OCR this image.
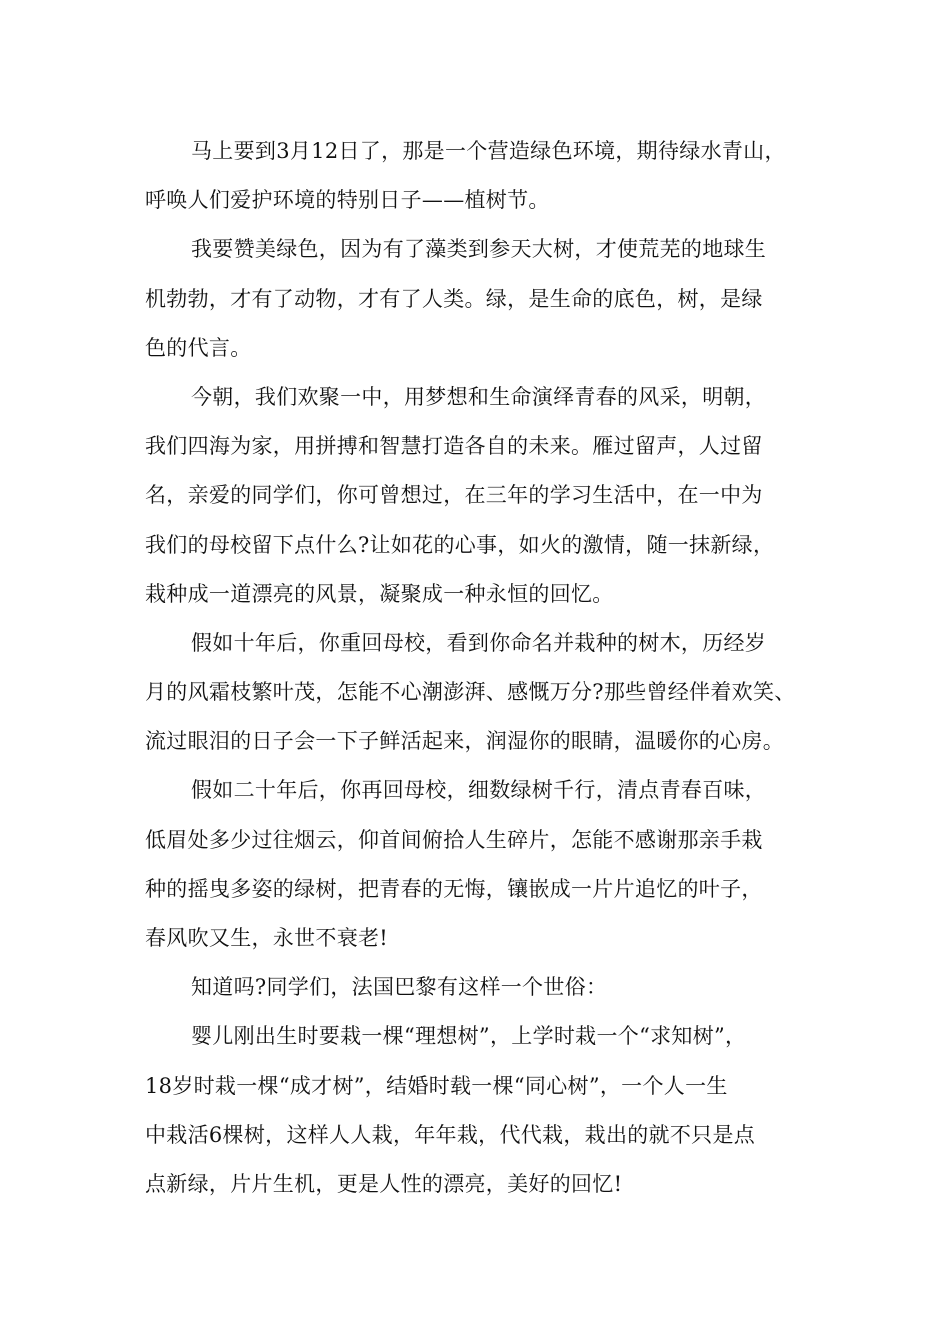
马上要到3月12日了，那是一个营造绿色环境，期待绿水青山，
呼唤人们爱护环境的特别日子——植树节。
我要赞美绿色，因为有了藻类到参天大树，才使荒芜的地球生
机勃勃，才有了动物，才有了人类。绿，是生命的底色，树，是绿
色的代言。
今朝，我们欢聚一中，用梦想和生命演绎青春的风采，明朝，
我们四海为家，用拼搏和智慧打造各自的未来。雁过留声，人过留
名，亲爱的同学们，你可曾想过，在三年的学习生活中，在一中为
我们的母校留下点什么?让如花的心事，如火的激情，随一抹新绿，
栽种成一道漂亮的风景，凝聚成一种永恒的回忆。
假如十年后，你重回母校，看到你命名并栽种的树木，历经岁
月的风霜枝繁叶茂，怎能不心潮澎湃、感慨万分?那些曾经伴着欢笑、
流过眼泪的日子会一下子鲜活起来，润湿你的眼睛，温暖你的心房。
假如二十年后，你再回母校，细数绿树千行，清点青春百味，
低眉处多少过往烟云，仰首间俯拾人生碎片，怎能不感谢那亲手栽
种的摇曳多姿的绿树，把青春的无悔，镶嵌成一片片追忆的叶子，
春风吹又生，永世不衰老!
知道吗?同学们，法国巴黎有这样一个世俗：
婴儿刚出生时要栽一棵“理想树”，上学时栽一个“求知树”，
18岁时栽一棵“成才树”，结婚时载一棵“同心树”，一个人一生
中栽活6棵树，这样人人栽，年年栽，代代栽，栽出的就不只是点
点新绿，片片生机，更是人性的漂亮，美好的回忆!
